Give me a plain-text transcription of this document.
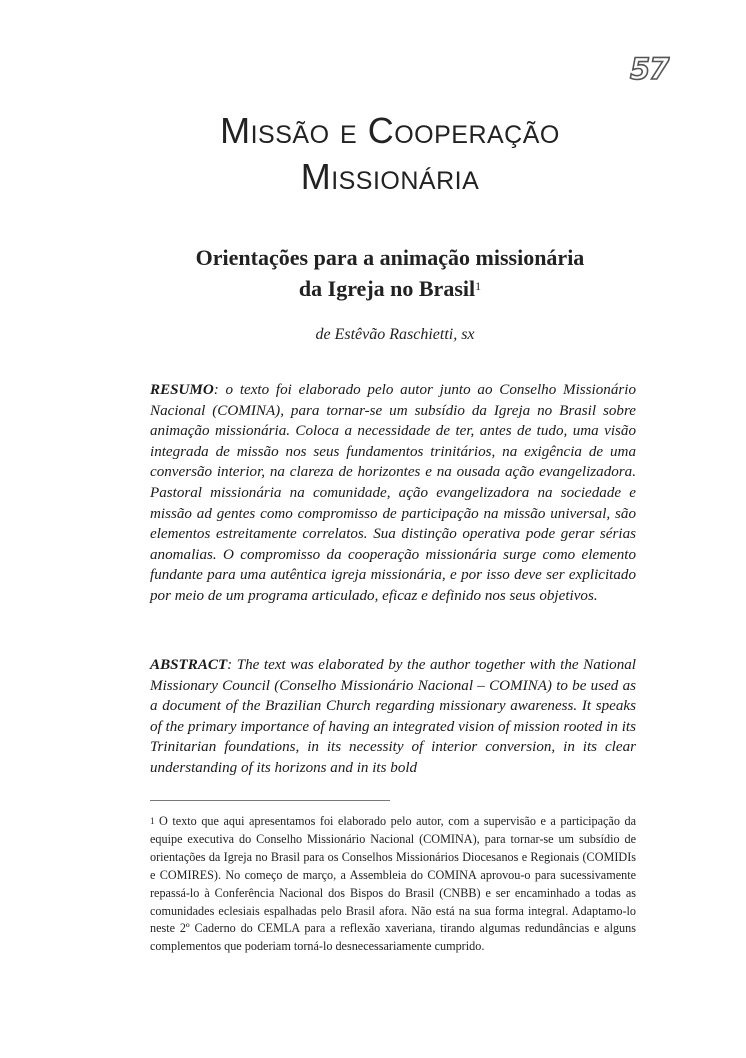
57
Missão e Cooperação
Missionária
Orientações para a animação missionária
da Igreja no Brasil$^1$
de Estêvão Raschietti, sx

RESUMO: o texto foi elaborado pelo autor junto ao Conselho Missionário Nacional (COMINA), para tornar-se um subsídio da Igreja no Brasil sobre animação missionária. Coloca a necessidade de ter, antes de tudo, uma visão integrada de missão nos seus fundamentos trinitários, na exigência de uma conversão interior, na clareza de horizontes e na ousada ação evangelizadora. Pastoral missionária na comunidade, ação evangelizadora na sociedade e missão ad gentes como compromisso de participação na missão universal, são elementos estreitamente correlatos. Sua distinção operativa pode gerar sérias anomalias. O compromisso da cooperação missionária surge como elemento fundante para uma autêntica igreja missionária, e por isso deve ser explicitado por meio de um programa articulado, eficaz e definido nos seus objetivos.

ABSTRACT: The text was elaborated by the author together with the National Missionary Council (Conselho Missionário Nacional – COMINA) to be used as a document of the Brazilian Church regarding missionary awareness. It speaks of the primary importance of having an integrated vision of mission rooted in its Trinitarian foundations, in its necessity of interior conversion, in its clear understanding of its horizons and in its bold

$^1$ O texto que aqui apresentamos foi elaborado pelo autor, com a supervisão e a participação da equipe executiva do Conselho Missionário Nacional (COMINA), para tornar-se um subsídio de orientações da Igreja no Brasil para os Conselhos Missionários Diocesanos e Regionais (COMIDIs e COMIRES). No começo de março, a Assembleia do COMINA aprovou-o para sucessivamente repassá-lo à Conferência Nacional dos Bispos do Brasil (CNBB) e ser encaminhado a todas as comunidades eclesiais espalhadas pelo Brasil afora. Não está na sua forma integral. Adaptamo-lo neste 2º Caderno do CEMLA para a reflexão xaveriana, tirando algumas redundâncias e alguns complementos que poderiam torná-lo desnecessariamente cumprido.
